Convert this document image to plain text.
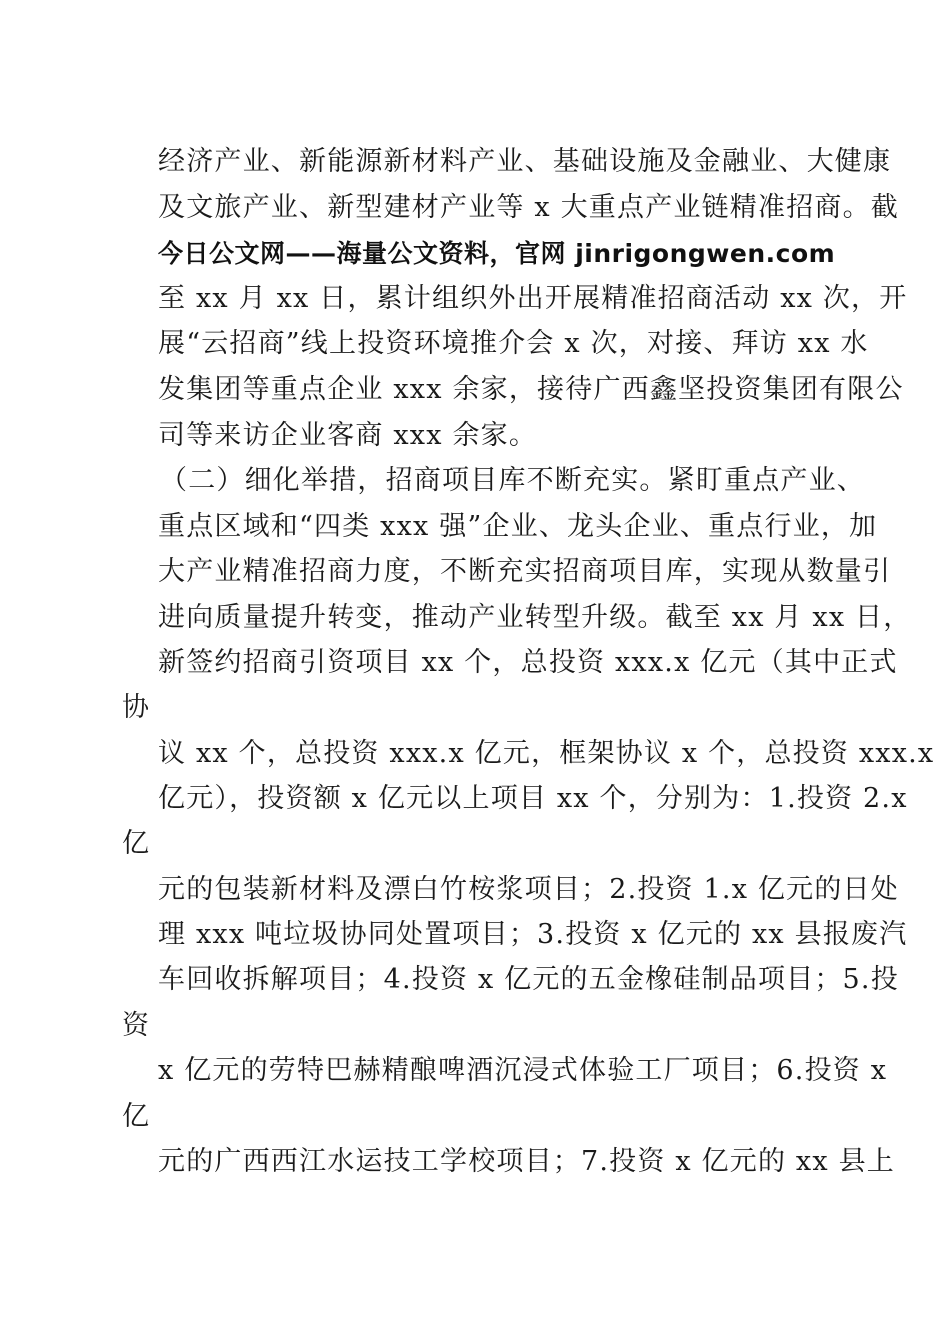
经济产业、新能源新材料产业、基础设施及金融业、大健康
及文旅产业、新型建材产业等 x 大重点产业链精准招商。截
今日公文网——海量公文资料，官网 jinrigongwen.com
至 xx 月 xx 日，累计组织外出开展精准招商活动 xx 次，开
展“云招商”线上投资环境推介会 x 次，对接、拜访 xx 水
发集团等重点企业 xxx 余家，接待广西鑫坚投资集团有限公
司等来访企业客商 xxx 余家。
（二）细化举措，招商项目库不断充实。紧盯重点产业、
重点区域和“四类 xxx 强”企业、龙头企业、重点行业，加
大产业精准招商力度，不断充实招商项目库，实现从数量引
进向质量提升转变，推动产业转型升级。截至 xx 月 xx 日，
新签约招商引资项目 xx 个，总投资 xxx.x 亿元（其中正式
协
议 xx 个，总投资 xxx.x 亿元，框架协议 x 个，总投资 xxx.x
亿元），投资额 x 亿元以上项目 xx 个，分别为：1.投资 2.x
亿
元的包装新材料及漂白竹桉浆项目；2.投资 1.x 亿元的日处
理 xxx 吨垃圾协同处置项目；3.投资 x 亿元的 xx 县报废汽
车回收拆解项目；4.投资 x 亿元的五金橡硅制品项目；5.投
资
x 亿元的劳特巴赫精酿啤酒沉浸式体验工厂项目；6.投资 x
亿
元的广西西江水运技工学校项目；7.投资 x 亿元的 xx 县上
